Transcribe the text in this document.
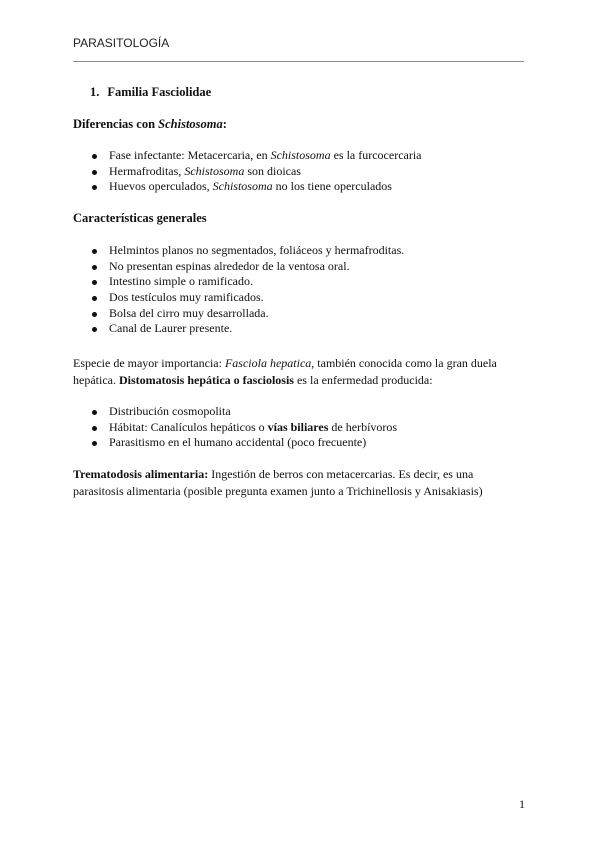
PARASITOLOGÍA
1. Familia Fasciolidae
Diferencias con Schistosoma:
Fase infectante: Metacercaria, en Schistosoma es la furcocercaria
Hermafroditas, Schistosoma son dioicas
Huevos operculados, Schistosoma no los tiene operculados
Características generales
Helmintos planos no segmentados, foliáceos y hermafroditas.
No presentan espinas alrededor de la ventosa oral.
Intestino simple o ramificado.
Dos testículos muy ramificados.
Bolsa del cirro muy desarrollada.
Canal de Laurer presente.

Especie de mayor importancia: Fasciola hepatica, también conocida como la gran duela
hepática. Distomatosis hepática o fasciolosis es la enfermedad producida:

Distribución cosmopolita
Hábitat: Canalículos hepáticos o vías biliares de herbívoros
Parasitismo en el humano accidental (poco frecuente)

Trematodosis alimentaria: Ingestión de berros con metacercarias. Es decir, es una
parasitosis alimentaria (posible pregunta examen junto a Trichinellosis y Anisakiasis)

1
